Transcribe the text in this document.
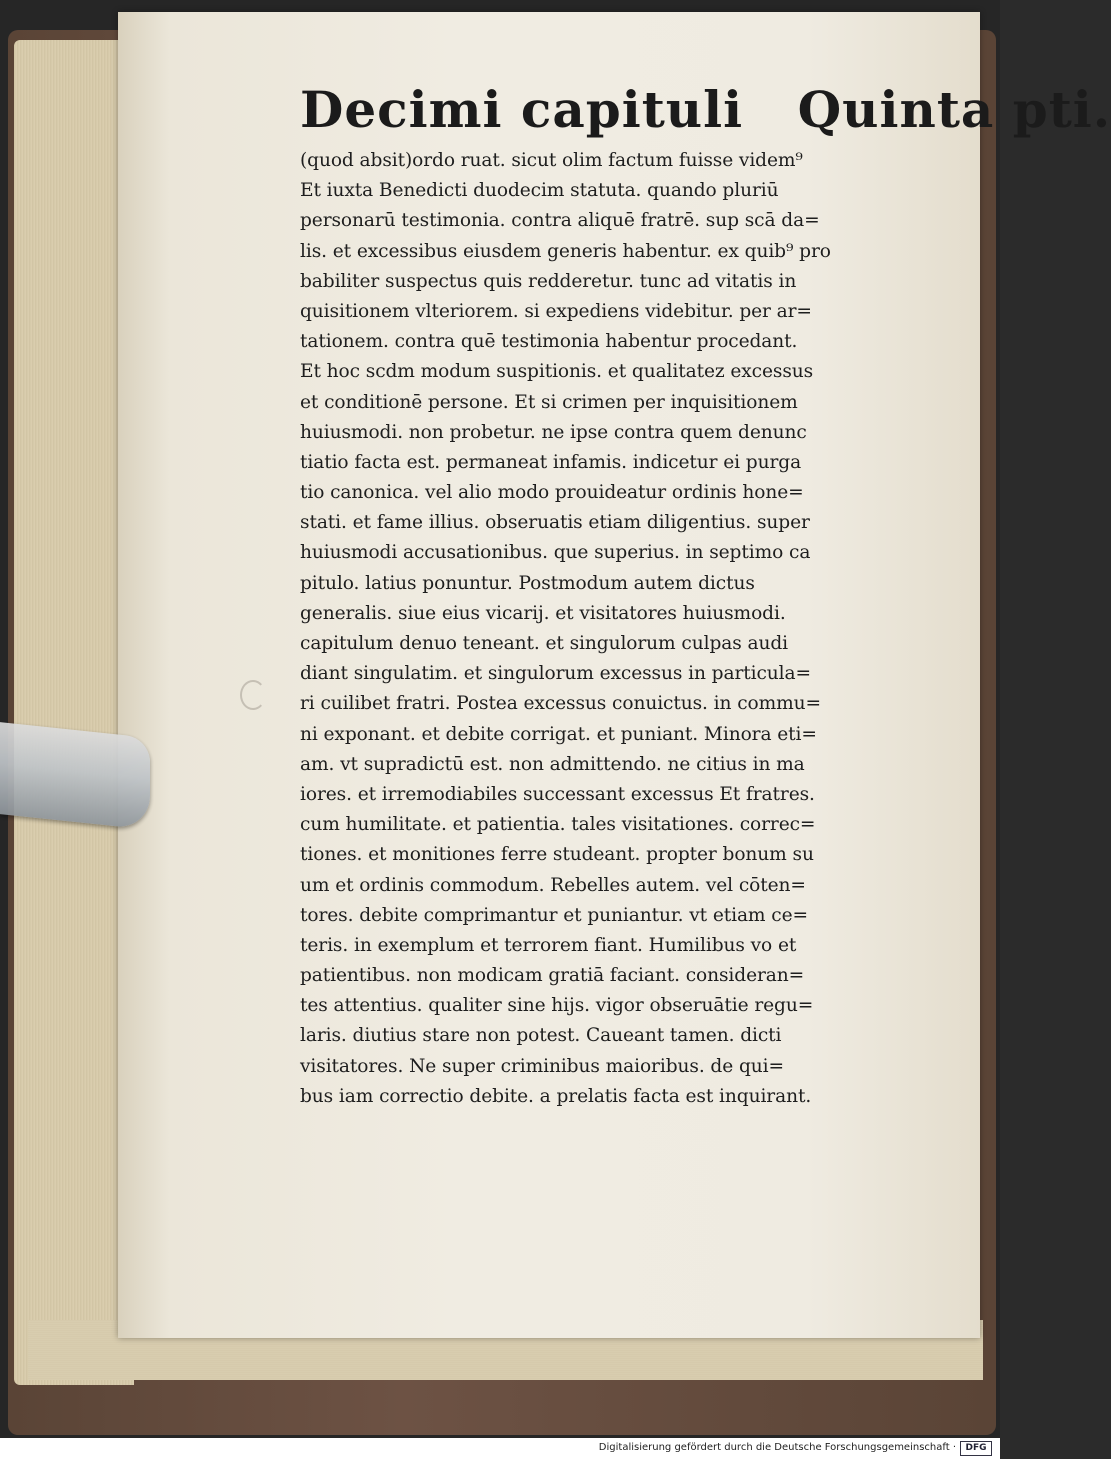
Decimi capituli Quinta pti.
(quod absit)ordo ruat. sicut olim factum fuisse videm⁹
Et iuxta Benedicti duodecim statuta. quando pluriū
personarū testimonia. contra aliquē fratrē. sup scā da=
lis. et excessibus eiusdem generis habentur. ex quib⁹ pro
babiliter suspectus quis redderetur. tunc ad vitatis in
quisitionem vlteriorem. si expediens videbitur. per ar=
tationem. contra quē testimonia habentur procedant.
Et hoc scdm modum suspitionis. et qualitatez excessus
et conditionē persone. Et si crimen per inquisitionem
huiusmodi. non probetur. ne ipse contra quem denunc
tiatio facta est. permaneat infamis. indicetur ei purga
tio canonica. vel alio modo prouideatur ordinis hone=
stati. et fame illius. obseruatis etiam diligentius. super
huiusmodi accusationibus. que superius. in septimo ca
pitulo. latius ponuntur. Postmodum autem dictus
generalis. siue eius vicarij. et visitatores huiusmodi.
capitulum denuo teneant. et singulorum culpas audi
diant singulatim. et singulorum excessus in particula=
ri cuilibet fratri. Postea excessus conuictus. in commu=
ni exponant. et debite corrigat. et puniant. Minora eti=
am. vt supradictū est. non admittendo. ne citius in ma
iores. et irremodiabiles successant excessus Et fratres.
cum humilitate. et patientia. tales visitationes. correc=
tiones. et monitiones ferre studeant. propter bonum su
um et ordinis commodum. Rebelles autem. vel cōten=
tores. debite comprimantur et puniantur. vt etiam ce=
teris. in exemplum et terrorem fiant. Humilibus vo et
patientibus. non modicam gratiā faciant. consideran=
tes attentius. qualiter sine hijs. vigor obseruātie regu=
laris. diutius stare non potest. Caueant tamen. dicti
visitatores. Ne super criminibus maioribus. de qui=
bus iam correctio debite. a prelatis facta est inquirant.
Digitalisierung gefördert durch die Deutsche Forschungsgemeinschaft ·	DFG
